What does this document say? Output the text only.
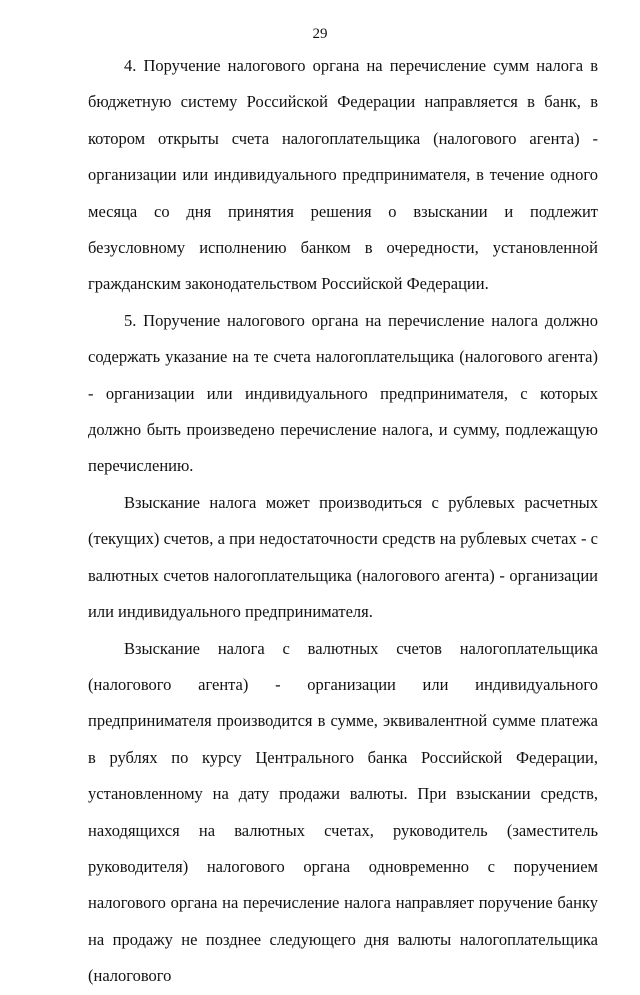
29

4. Поручение налогового органа на перечисление сумм налога в бюджетную систему Российской Федерации направляется в банк, в котором открыты счета налогоплательщика (налогового агента) - организации или индивидуального предпринимателя, в течение одного месяца со дня принятия решения о взыскании и подлежит безусловному исполнению банком в очередности, установленной гражданским законодательством Российской Федерации.

5. Поручение налогового органа на перечисление налога должно содержать указание на те счета налогоплательщика (налогового агента) - организации или индивидуального предпринимателя, с которых должно быть произведено перечисление налога, и сумму, подлежащую перечислению.

Взыскание налога может производиться с рублевых расчетных (текущих) счетов, а при недостаточности средств на рублевых счетах - с валютных счетов налогоплательщика (налогового агента) - организации или индивидуального предпринимателя.

Взыскание налога с валютных счетов налогоплательщика (налогового агента) - организации или индивидуального предпринимателя производится в сумме, эквивалентной сумме платежа в рублях по курсу Центрального банка Российской Федерации, установленному на дату продажи валюты. При взыскании средств, находящихся на валютных счетах, руководитель (заместитель руководителя) налогового органа одновременно с поручением налогового органа на перечисление налога направляет поручение банку на продажу не позднее следующего дня валюты налогоплательщика (налогового
